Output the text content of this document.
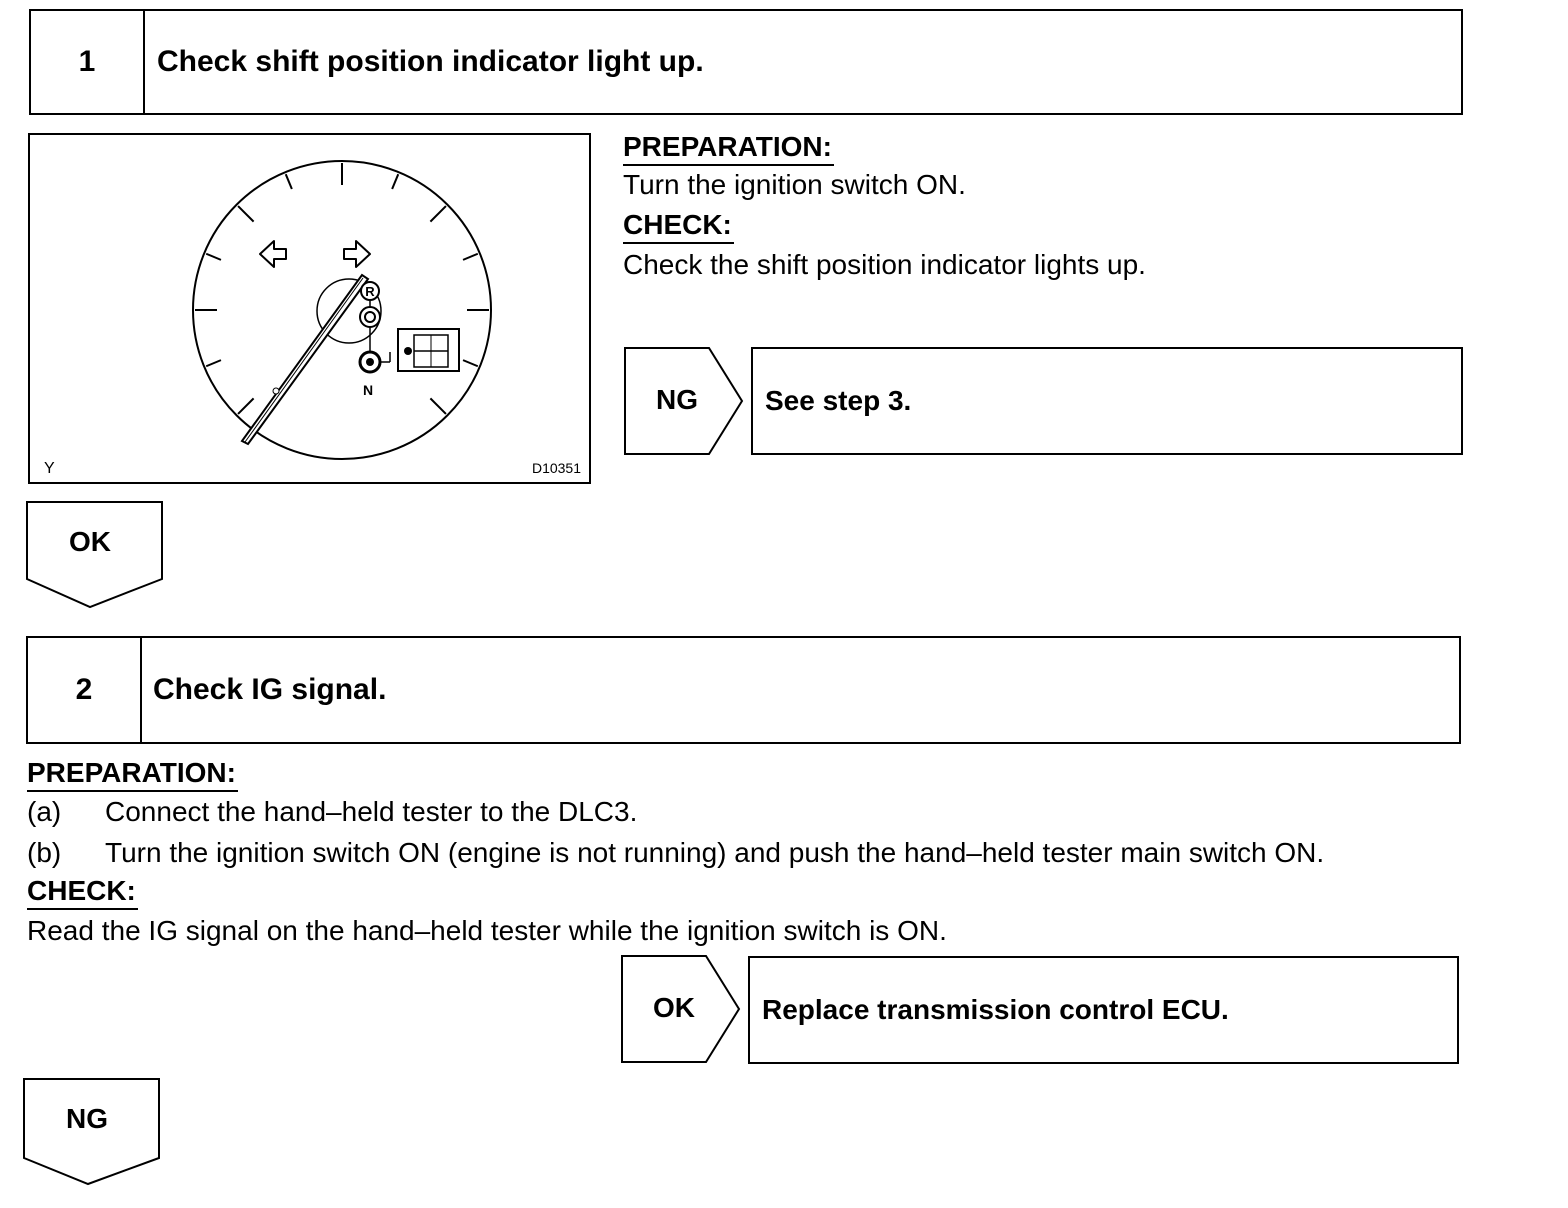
1	Check shift position indicator light up.
R
N
Y	D10351
PREPARATION:
Turn the ignition switch ON.
CHECK:
Check the shift position indicator lights up.
NG	See step 3.
OK
2	Check IG signal.
PREPARATION:
(a) Connect the hand–held tester to the DLC3.
(b) Turn the ignition switch ON (engine is not running) and push the hand–held tester main switch ON.
CHECK:
Read the IG signal on the hand–held tester while the ignition switch is ON.
OK	Replace transmission control ECU.
NG
